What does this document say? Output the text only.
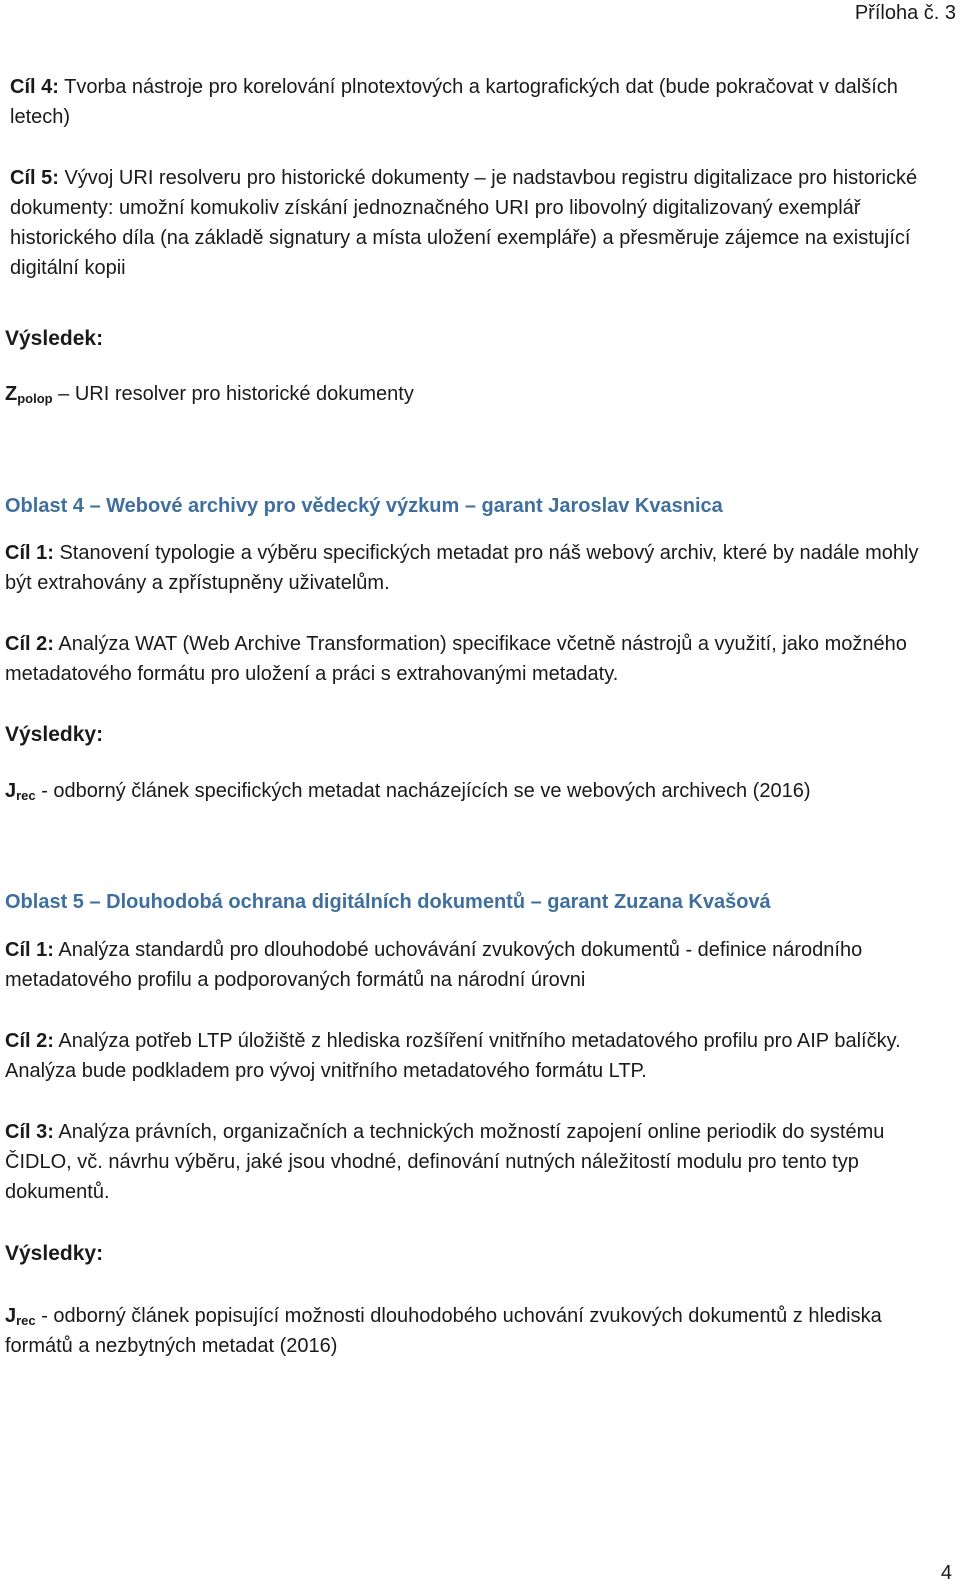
Příloha č. 3

Cíl 4: Tvorba nástroje pro korelování plnotextových a kartografických dat (bude pokračovat v dalších letech)

Cíl 5: Vývoj URI resolveru pro historické dokumenty – je nadstavbou registru digitalizace pro historické dokumenty: umožní komukoliv získání jednoznačného URI pro libovolný digitalizovaný exemplář historického díla (na základě signatury a místa uložení exempláře) a přesměruje zájemce na existující digitální kopii

Výsledek:

$Z_{polop}$ – URI resolver pro historické dokumenty

Oblast 4 – Webové archivy pro vědecký výzkum – garant Jaroslav Kvasnica

Cíl 1: Stanovení typologie a výběru specifických metadat pro náš webový archiv, které by nadále mohly být extrahovány a zpřístupněny uživatelům.

Cíl 2: Analýza WAT (Web Archive Transformation) specifikace včetně nástrojů a využití, jako možného metadatového formátu pro uložení a práci s extrahovanými metadaty.

Výsledky:

$J_{rec}$ - odborný článek specifických metadat nacházejících se ve webových archivech (2016)

Oblast 5 – Dlouhodobá ochrana digitálních dokumentů – garant Zuzana Kvašová

Cíl 1: Analýza standardů pro dlouhodobé uchovávání zvukových dokumentů - definice národního metadatového profilu a podporovaných formátů na národní úrovni

Cíl 2: Analýza potřeb LTP úložiště z hlediska rozšíření vnitřního metadatového profilu pro AIP balíčky. Analýza bude podkladem pro vývoj vnitřního metadatového formátu LTP.

Cíl 3: Analýza právních, organizačních a technických možností zapojení online periodik do systému ČIDLO, vč. návrhu výběru, jaké jsou vhodné, definování nutných náležitostí modulu pro tento typ dokumentů.

Výsledky:

$J_{rec}$ - odborný článek popisující možnosti dlouhodobého uchování zvukových dokumentů z hlediska formátů a nezbytných metadat (2016)

4
